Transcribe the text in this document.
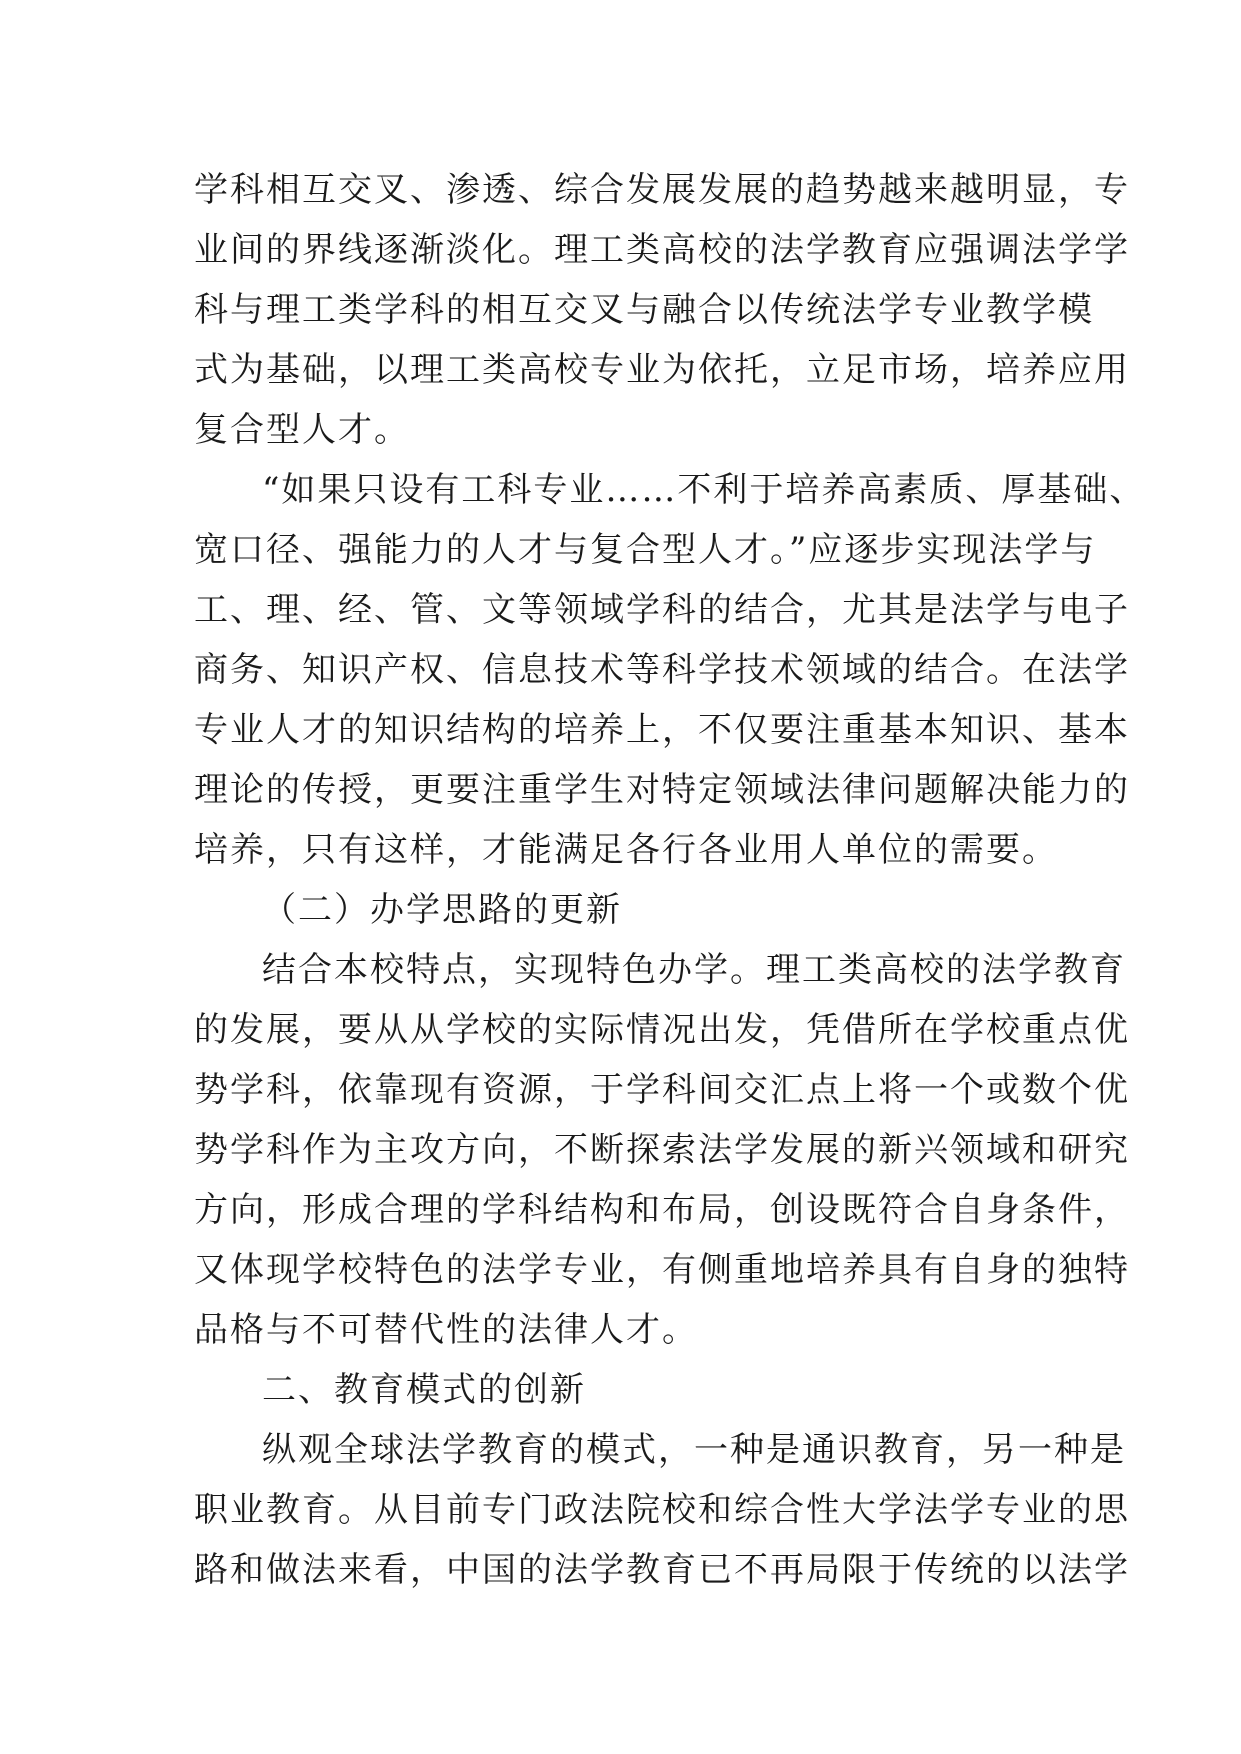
学科相互交叉、渗透、综合发展发展的趋势越来越明显，专
业间的界线逐渐淡化。理工类高校的法学教育应强调法学学
科与理工类学科的相互交叉与融合以传统法学专业教学模
式为基础，以理工类高校专业为依托，立足市场，培养应用
复合型人才。
“如果只设有工科专业……不利于培养高素质、厚基础、
宽口径、强能力的人才与复合型人才。”应逐步实现法学与
工、理、经、管、文等领域学科的结合，尤其是法学与电子
商务、知识产权、信息技术等科学技术领域的结合。在法学
专业人才的知识结构的培养上，不仅要注重基本知识、基本
理论的传授，更要注重学生对特定领域法律问题解决能力的
培养，只有这样，才能满足各行各业用人单位的需要。
（二）办学思路的更新
结合本校特点，实现特色办学。理工类高校的法学教育
的发展，要从从学校的实际情况出发，凭借所在学校重点优
势学科，依靠现有资源，于学科间交汇点上将一个或数个优
势学科作为主攻方向，不断探索法学发展的新兴领域和研究
方向，形成合理的学科结构和布局，创设既符合自身条件，
又体现学校特色的法学专业，有侧重地培养具有自身的独特
品格与不可替代性的法律人才。
二、教育模式的创新
纵观全球法学教育的模式，一种是通识教育，另一种是
职业教育。从目前专门政法院校和综合性大学法学专业的思
路和做法来看，中国的法学教育已不再局限于传统的以法学
